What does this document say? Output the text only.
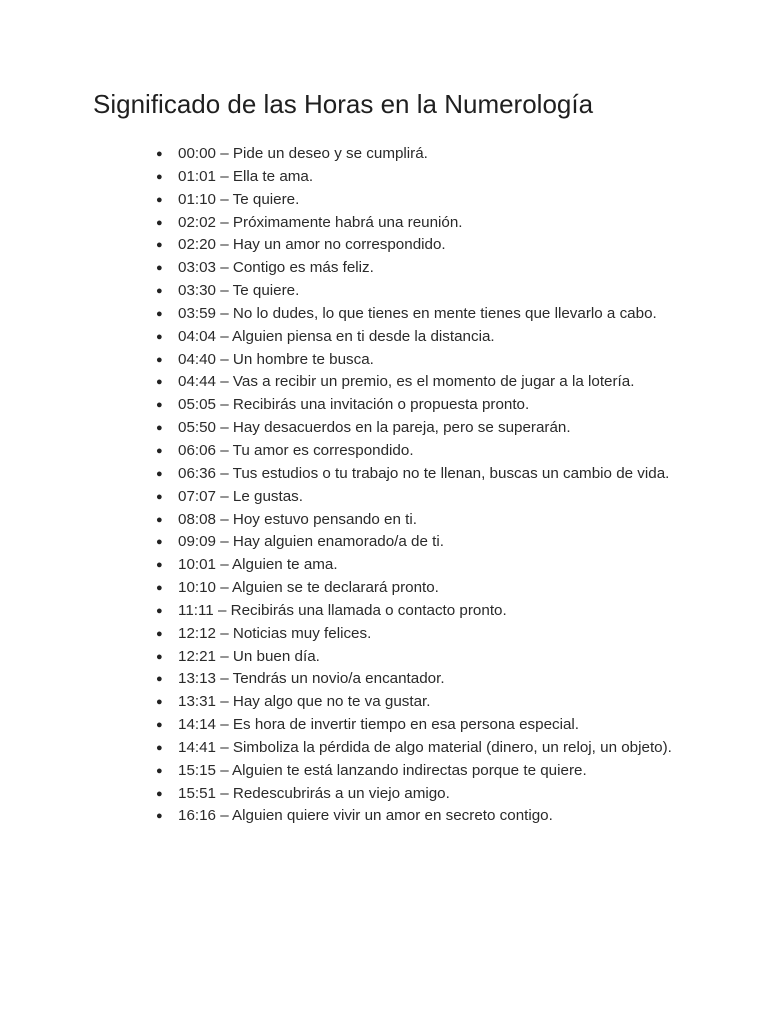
Significado de las Horas en la Numerología
● 00:00 – Pide un deseo y se cumplirá.
● 01:01 – Ella te ama.
● 01:10 – Te quiere.
● 02:02 – Próximamente habrá una reunión.
● 02:20 – Hay un amor no correspondido.
● 03:03 – Contigo es más feliz.
● 03:30 – Te quiere.
● 03:59 – No lo dudes, lo que tienes en mente tienes que llevarlo a cabo.
● 04:04 – Alguien piensa en ti desde la distancia.
● 04:40 – Un hombre te busca.
● 04:44 – Vas a recibir un premio, es el momento de jugar a la lotería.
● 05:05 – Recibirás una invitación o propuesta pronto.
● 05:50 – Hay desacuerdos en la pareja, pero se superarán.
● 06:06 – Tu amor es correspondido.
● 06:36 – Tus estudios o tu trabajo no te llenan, buscas un cambio de vida.
● 07:07 – Le gustas.
● 08:08 – Hoy estuvo pensando en ti.
● 09:09 – Hay alguien enamorado/a de ti.
● 10:01 – Alguien te ama.
● 10:10 – Alguien se te declarará pronto.
● 11:11 – Recibirás una llamada o contacto pronto.
● 12:12 – Noticias muy felices.
● 12:21 – Un buen día.
● 13:13 – Tendrás un novio/a encantador.
● 13:31 – Hay algo que no te va gustar.
● 14:14 – Es hora de invertir tiempo en esa persona especial.
● 14:41 – Simboliza la pérdida de algo material (dinero, un reloj, un objeto).
● 15:15 – Alguien te está lanzando indirectas porque te quiere.
● 15:51 – Redescubrirás a un viejo amigo.
● 16:16 – Alguien quiere vivir un amor en secreto contigo.
